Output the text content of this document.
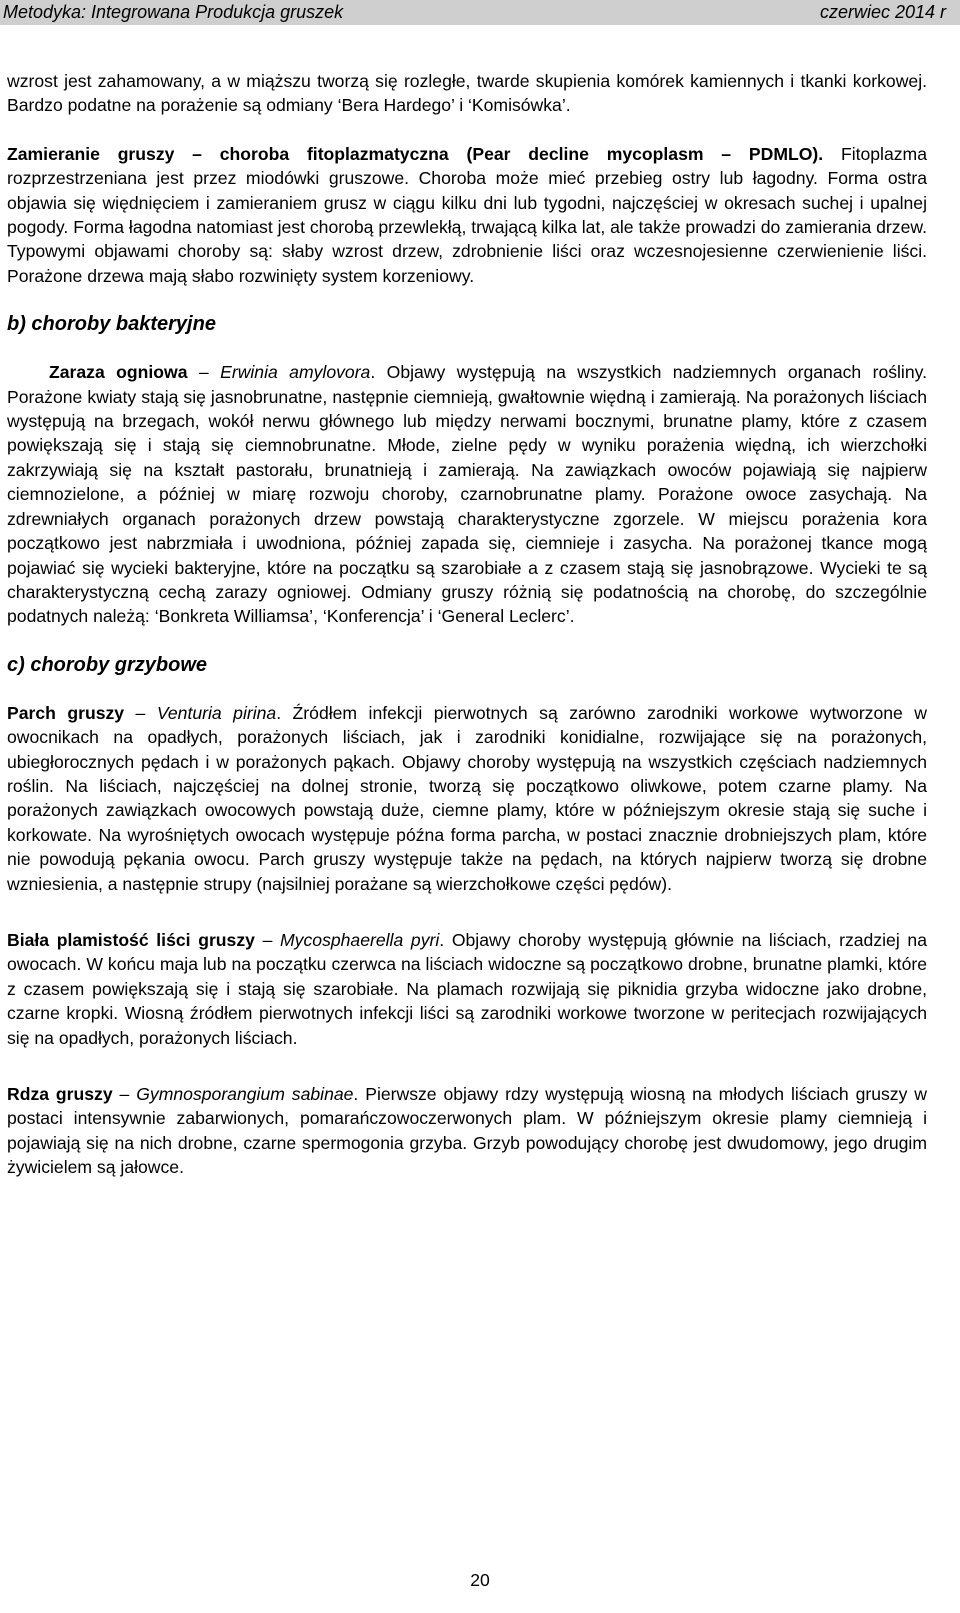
Metodyka: Integrowana Produkcja gruszek	czerwiec 2014 r

wzrost jest zahamowany, a w miąższu tworzą się rozległe, twarde skupienia komórek kamiennych i tkanki korkowej. Bardzo podatne na porażenie są odmiany ‘Bera Hardego’ i ‘Komisówka’.

Zamieranie gruszy – choroba fitoplazmatyczna (Pear decline mycoplasm – PDMLO). Fitoplazma rozprzestrzeniana jest przez miodówki gruszowe. Choroba może mieć przebieg ostry lub łagodny. Forma ostra objawia się więdnięciem i zamieraniem grusz w ciągu kilku dni lub tygodni, najczęściej w okresach suchej i upalnej pogody. Forma łagodna natomiast jest chorobą przewlekłą, trwającą kilka lat, ale także prowadzi do zamierania drzew. Typowymi objawami choroby są: słaby wzrost drzew, zdrobnienie liści oraz wczesnojesienne czerwienienie liści. Porażone drzewa mają słabo rozwinięty system korzeniowy.

b) choroby bakteryjne

Zaraza ogniowa – Erwinia amylovora. Objawy występują na wszystkich nadziemnych organach rośliny. Porażone kwiaty stają się jasnobrunatne, następnie ciemnieją, gwałtownie więdną i zamierają. Na porażonych liściach występują na brzegach, wokół nerwu głównego lub między nerwami bocznymi, brunatne plamy, które z czasem powiększają się i stają się ciemnobrunatne. Młode, zielne pędy w wyniku porażenia więdną, ich wierzchołki zakrzywiają się na kształt pastorału, brunatnieją i zamierają. Na zawiązkach owoców pojawiają się najpierw ciemnozielone, a później w miarę rozwoju choroby, czarnobrunatne plamy. Porażone owoce zasychają. Na zdrewniałych organach porażonych drzew powstają charakterystyczne zgorzele. W miejscu porażenia kora początkowo jest nabrzmiała i uwodniona, później zapada się, ciemnieje i zasycha. Na porażonej tkance mogą pojawiać się wycieki bakteryjne, które na początku są szarobiałe a z czasem stają się jasnobrązowe. Wycieki te są charakterystyczną cechą zarazy ogniowej. Odmiany gruszy różnią się podatnością na chorobę, do szczególnie podatnych należą: ‘Bonkreta Williamsa’, ‘Konferencja’ i ‘General Leclerc’.

c) choroby grzybowe

Parch gruszy – Venturia pirina. Źródłem infekcji pierwotnych są zarówno zarodniki workowe wytworzone w owocnikach na opadłych, porażonych liściach, jak i zarodniki konidialne, rozwijające się na porażonych, ubiegłorocznych pędach i w porażonych pąkach. Objawy choroby występują na wszystkich częściach nadziemnych roślin. Na liściach, najczęściej na dolnej stronie, tworzą się początkowo oliwkowe, potem czarne plamy. Na porażonych zawiązkach owocowych powstają duże, ciemne plamy, które w późniejszym okresie stają się suche i korkowate. Na wyrośniętych owocach występuje późna forma parcha, w postaci znacznie drobniejszych plam, które nie powodują pękania owocu. Parch gruszy występuje także na pędach, na których najpierw tworzą się drobne wzniesienia, a następnie strupy (najsilniej porażane są wierzchołkowe części pędów).

Biała plamistość liści gruszy – Mycosphaerella pyri. Objawy choroby występują głównie na liściach, rzadziej na owocach. W końcu maja lub na początku czerwca na liściach widoczne są początkowo drobne, brunatne plamki, które z czasem powiększają się i stają się szarobiałe. Na plamach rozwijają się piknidia grzyba widoczne jako drobne, czarne kropki. Wiosną źródłem pierwotnych infekcji liści są zarodniki workowe tworzone w peritecjach rozwijających się na opadłych, porażonych liściach.

Rdza gruszy – Gymnosporangium sabinae. Pierwsze objawy rdzy występują wiosną na młodych liściach gruszy w postaci intensywnie zabarwionych, pomarańczowoczerwonych plam. W późniejszym okresie plamy ciemnieją i pojawiają się na nich drobne, czarne spermogonia grzyba. Grzyb powodujący chorobę jest dwudomowy, jego drugim żywicielem są jałowce.

20
